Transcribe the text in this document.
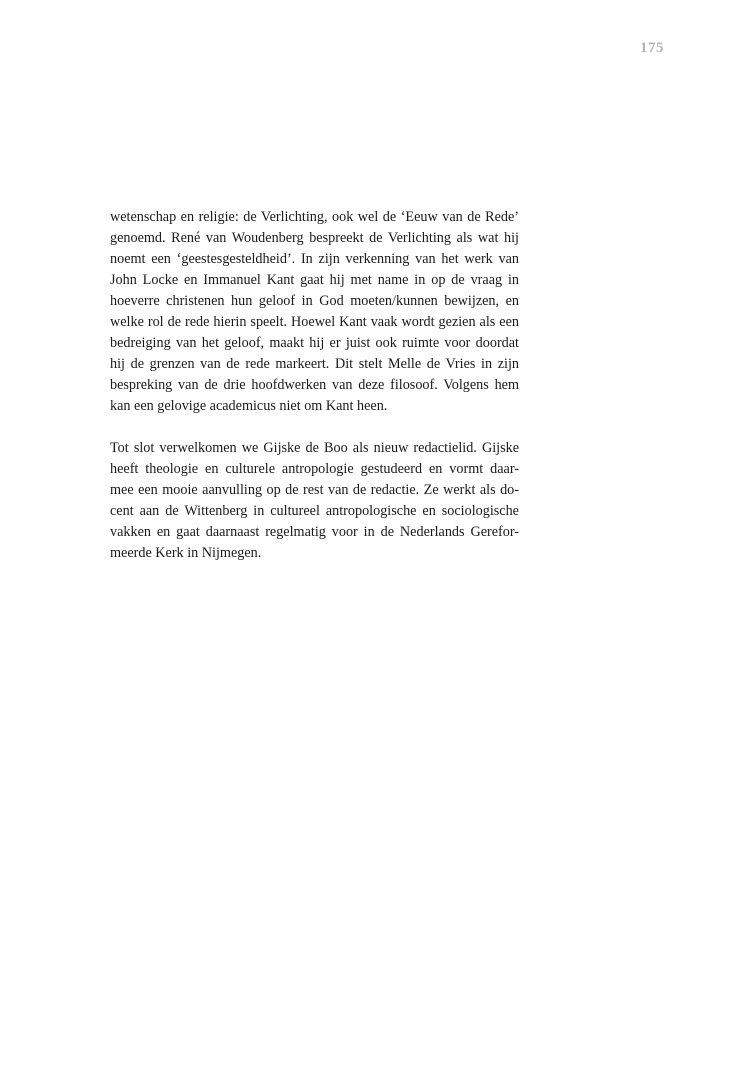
175
wetenschap en religie: de Verlichting, ook wel de ‘Eeuw van de Rede’
genoemd. René van Woudenberg bespreekt de Verlichting als wat hij
noemt een ‘geestesgesteldheid’. In zijn verkenning van het werk van
John Locke en Immanuel Kant gaat hij met name in op de vraag in
hoeverre christenen hun geloof in God moeten/kunnen bewijzen, en
welke rol de rede hierin speelt. Hoewel Kant vaak wordt gezien als een
bedreiging van het geloof, maakt hij er juist ook ruimte voor doordat
hij de grenzen van de rede markeert. Dit stelt Melle de Vries in zijn
bespreking van de drie hoofdwerken van deze filosoof. Volgens hem
kan een gelovige academicus niet om Kant heen.
Tot slot verwelkomen we Gijske de Boo als nieuw redactielid. Gijske
heeft theologie en culturele antropologie gestudeerd en vormt daar-
mee een mooie aanvulling op de rest van de redactie. Ze werkt als do-
cent aan de Wittenberg in cultureel antropologische en sociologische
vakken en gaat daarnaast regelmatig voor in de Nederlands Gerefor-
meerde Kerk in Nijmegen.
